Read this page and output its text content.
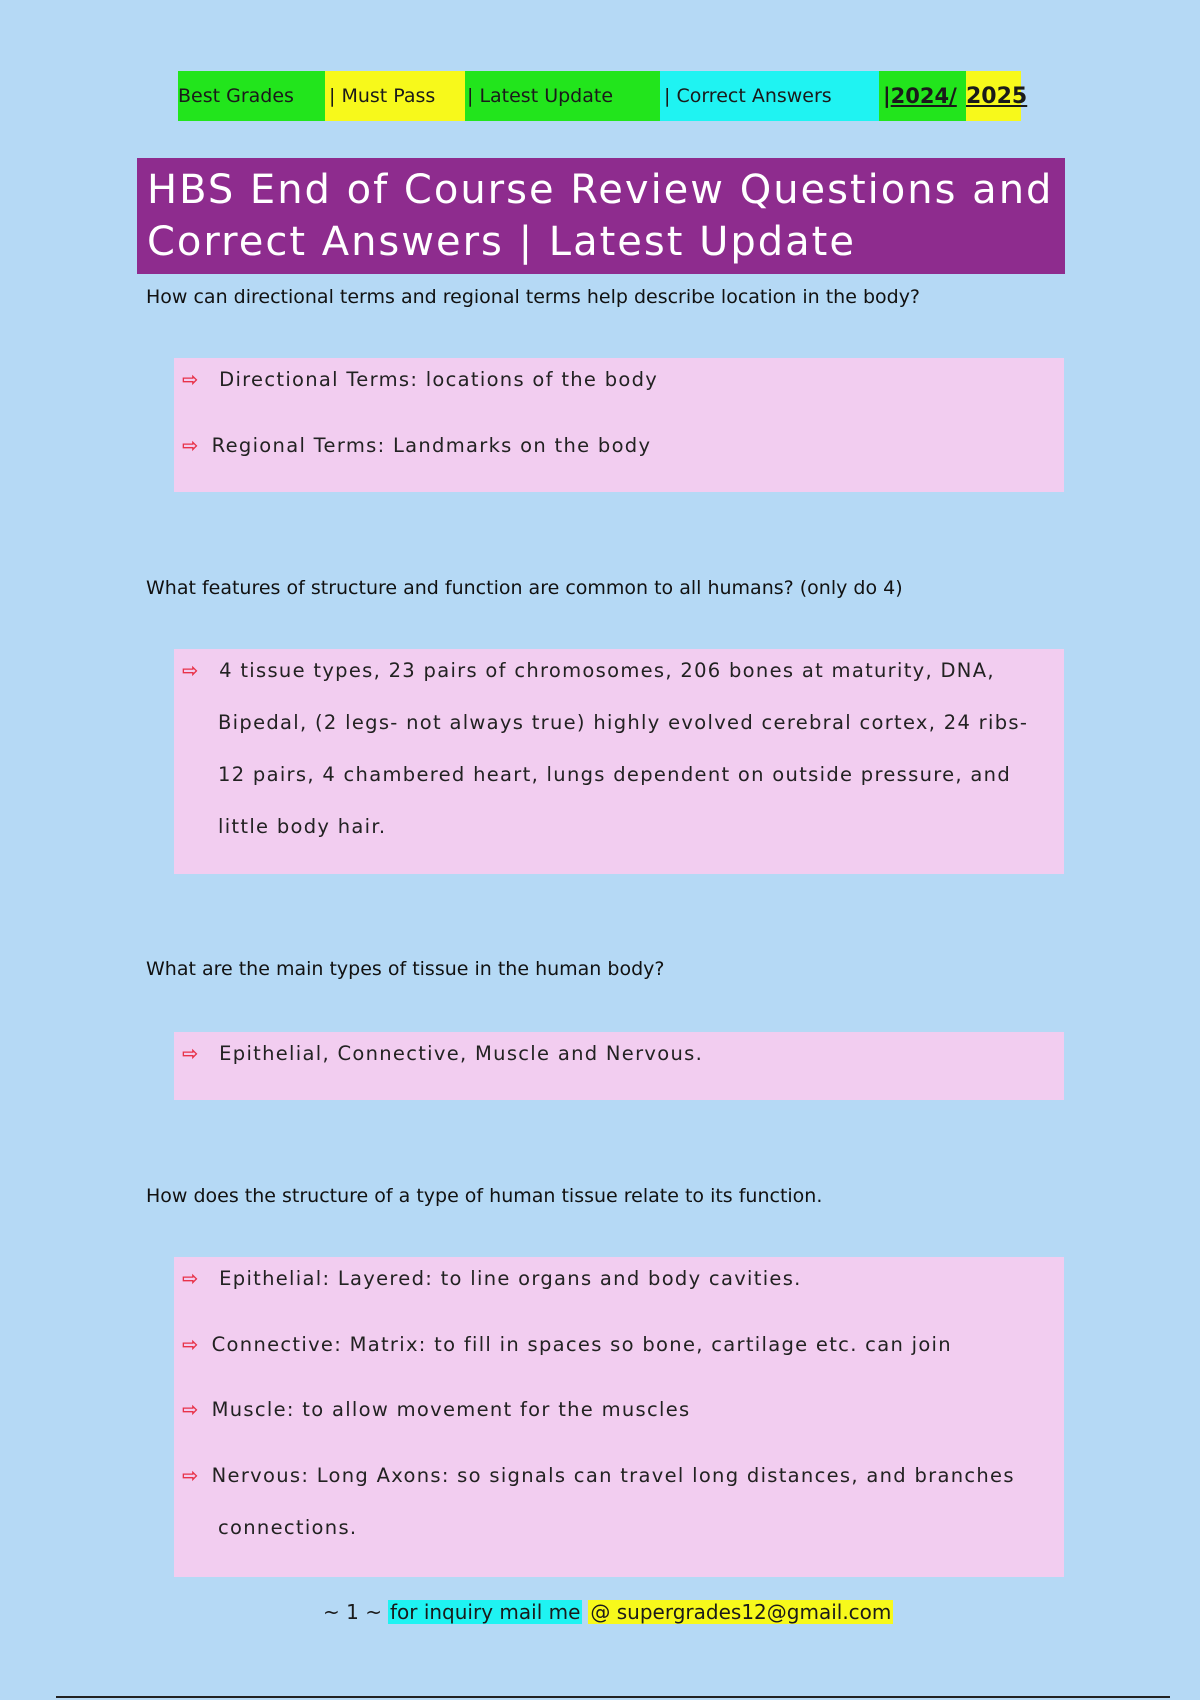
Best Grades	| Must Pass	| Latest Update	| Correct Answers	| 2024/ 2025
HBS End of Course Review Questions and
Correct Answers | Latest Update
How can directional terms and regional terms help describe location in the body?
⇨ Directional Terms: locations of the body
⇨ Regional Terms: Landmarks on the body
What features of structure and function are common to all humans? (only do 4)
⇨ 4 tissue types, 23 pairs of chromosomes, 206 bones at maturity, DNA,
Bipedal, (2 legs- not always true) highly evolved cerebral cortex, 24 ribs-
12 pairs, 4 chambered heart, lungs dependent on outside pressure, and
little body hair.
What are the main types of tissue in the human body?
⇨ Epithelial, Connective, Muscle and Nervous.
How does the structure of a type of human tissue relate to its function.
⇨ Epithelial: Layered: to line organs and body cavities.
⇨ Connective: Matrix: to fill in spaces so bone, cartilage etc. can join
⇨ Muscle: to allow movement for the muscles
⇨ Nervous: Long Axons: so signals can travel long distances, and branches
connections.
~ 1 ~ for inquiry mail me @ supergrades12@gmail.com
